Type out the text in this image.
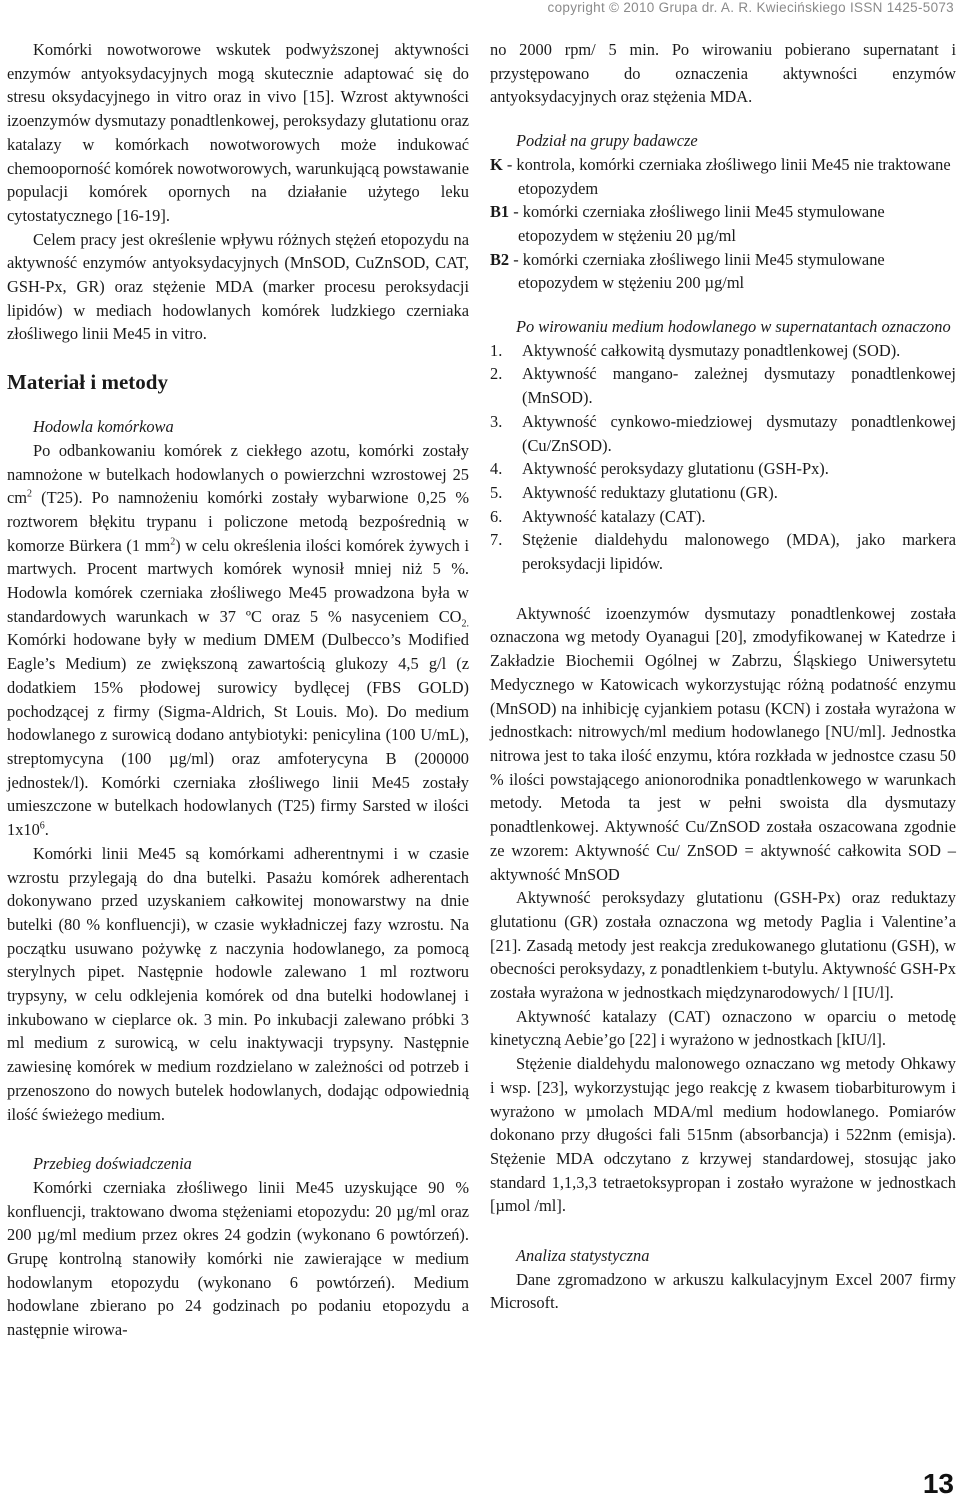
copyright © 2010 Grupa dr. A. R. Kwiecińskiego ISSN 1425-5073

Komórki nowotworowe wskutek podwyższonej aktywności enzymów antyoksydacyjnych mogą skutecznie adaptować się do stresu oksydacyjnego in vitro oraz in vivo [15]. Wzrost aktywności izoenzymów dysmutazy ponadtlenkowej, peroksydazy glutationu oraz katalazy w komórkach nowotworowych może indukować chemooporność komórek nowotworowych, warunkującą powstawanie populacji komórek opornych na działanie użytego leku cytostatycznego [16-19].

Celem pracy jest określenie wpływu różnych stężeń etopozydu na aktywność enzymów antyoksydacyjnych (MnSOD, CuZnSOD, CAT, GSH-Px, GR) oraz stężenie MDA (marker procesu peroksydacji lipidów) w mediach hodowlanych komórek ludzkiego czerniaka złośliwego linii Me45 in vitro.

Materiał i metody
Hodowla komórkowa

Po odbankowaniu komórek z ciekłego azotu, komórki zostały namnożone w butelkach hodowlanych o powierzchni wzrostowej 25 $cm^2$ (T25). Po namnożeniu komórki zostały wybarwione 0,25 % roztworem błękitu trypanu i policzone metodą bezpośrednią w komorze Bürkera (1 $mm^2$) w celu określenia ilości komórek żywych i martwych. Procent martwych komórek wynosił mniej niż 5 %. Hodowla komórek czerniaka złośliwego Me45 prowadzona była w standardowych warunkach w 37 ºC oraz 5 % nasyceniem $CO_{2.}$ Komórki hodowane były w medium DMEM (Dulbecco’s Modified Eagle’s Medium) ze zwiększoną zawartością glukozy 4,5 g/l (z dodatkiem 15% płodowej surowicy bydlęcej (FBS GOLD) pochodzącej z firmy (Sigma-Aldrich, St Louis. Mo). Do medium hodowlanego z surowicą dodano antybiotyki: penicylina (100 U/mL), streptomycyna (100 µg/ml) oraz amfoterycyna B (200000 jednostek/l). Komórki czerniaka złośliwego linii Me45 zostały umieszczone w butelkach hodowlanych (T25) firmy Sarsted w ilości $1x10^6$.

Komórki linii Me45 są komórkami adherentnymi i w czasie wzrostu przylegają do dna butelki. Pasażu komórek adherentach dokonywano przed uzyskaniem całkowitej monowarstwy na dnie butelki (80 % konfluencji), w czasie wykładniczej fazy wzrostu. Na początku usuwano pożywkę z naczynia hodowlanego, za pomocą sterylnych pipet. Następnie hodowle zalewano 1 ml roztworu trypsyny, w celu odklejenia komórek od dna butelki hodowlanej i inkubowano w cieplarce ok. 3 min. Po inkubacji zalewano próbki 3 ml medium z surowicą, w celu inaktywacji trypsyny. Następnie zawiesinę komórek w medium rozdzielano w zależności od potrzeb i przenoszono do nowych butelek hodowlanych, dodając odpowiednią ilość świeżego medium.

Przebieg doświadczenia

Komórki czerniaka złośliwego linii Me45 uzyskujące 90 % konfluencji, traktowano dwoma stężeniami etopozydu: 20 µg/ml oraz 200 µg/ml medium przez okres 24 godzin (wykonano 6 powtórzeń). Grupę kontrolną stanowiły komórki nie zawierające w medium hodowlanym etopozydu (wykonano 6 powtórzeń). Medium hodowlane zbierano po 24 godzinach po podaniu etopozydu a następnie wirowa-

no 2000 rpm/ 5 min. Po wirowaniu pobierano supernatant i przystępowano do oznaczenia aktywności enzymów antyoksydacyjnych oraz stężenia MDA.

Podział na grupy badawcze
K - kontrola, komórki czerniaka złośliwego linii Me45 nie traktowane etopozydem
B1 - komórki czerniaka złośliwego linii Me45 stymulowane etopozydem w stężeniu 20 µg/ml
B2 - komórki czerniaka złośliwego linii Me45 stymulowane etopozydem w stężeniu 200 µg/ml
Po wirowaniu medium hodowlanego w supernatantach oznaczono
1. Aktywność całkowitą dysmutazy ponadtlenkowej (SOD).
2. Aktywność mangano- zależnej dysmutazy ponadtlenkowej (MnSOD).
3. Aktywność cynkowo-miedziowej dysmutazy ponadtlenkowej (Cu/ZnSOD).
4. Aktywność peroksydazy glutationu (GSH-Px).
5. Aktywność reduktazy glutationu (GR).
6. Aktywność katalazy (CAT).
7. Stężenie dialdehydu malonowego (MDA), jako markera peroksydacji lipidów.

Aktywność izoenzymów dysmutazy ponadtlenkowej została oznaczona wg metody Oyanagui [20], zmodyfikowanej w Katedrze i Zakładzie Biochemii Ogólnej w Zabrzu, Śląskiego Uniwersytetu Medycznego w Katowicach wykorzystując różną podatność enzymu (MnSOD) na inhibicję cyjankiem potasu (KCN) i została wyrażona w jednostkach: nitrowych/ml medium hodowlanego [NU/ml]. Jednostka nitrowa jest to taka ilość enzymu, która rozkłada w jednostce czasu 50 % ilości powstającego anionorodnika ponadtlenkowego w warunkach metody. Metoda ta jest w pełni swoista dla dysmutazy ponadtlenkowej. Aktywność Cu/ZnSOD została oszacowana zgodnie ze wzorem: Aktywność Cu/ ZnSOD = aktywność całkowita SOD – aktywność MnSOD

Aktywność peroksydazy glutationu (GSH-Px) oraz reduktazy glutationu (GR) została oznaczona wg metody Paglia i Valentine’a [21]. Zasadą metody jest reakcja zredukowanego glutationu (GSH), w obecności peroksydazy, z ponadtlenkiem t-butylu. Aktywność GSH-Px została wyrażona w jednostkach międzynarodowych/ l [IU/l].

Aktywność katalazy (CAT) oznaczono w oparciu o metodę kinetyczną Aebie’go [22] i wyrażono w jednostkach [kIU/l].

Stężenie dialdehydu malonowego oznaczano wg metody Ohkawy i wsp. [23], wykorzystując jego reakcję z kwasem tiobarbiturowym i wyrażono w µmolach MDA/ml medium hodowlanego. Pomiarów dokonano przy długości fali 515nm (absorbancja) i 522nm (emisja). Stężenie MDA odczytano z krzywej standardowej, stosując jako standard 1,1,3,3 tetraetoksypropan i zostało wyrażone w jednostkach [µmol /ml].

Analiza statystyczna

Dane zgromadzono w arkuszu kalkulacyjnym Excel 2007 firmy Microsoft.

13
